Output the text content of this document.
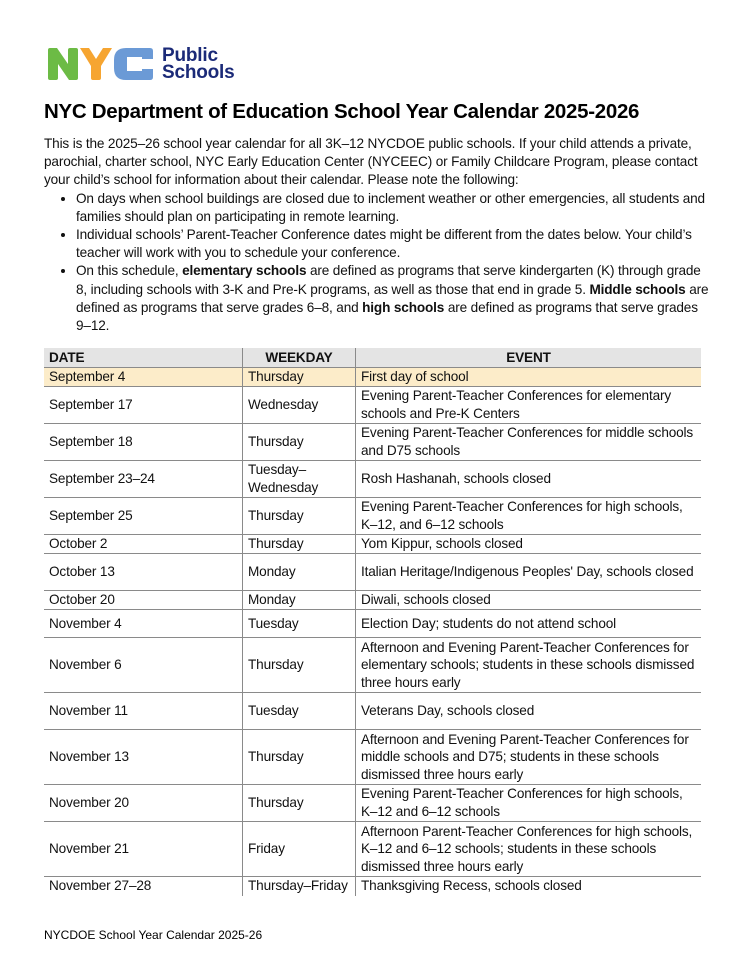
Public
Schools
NYC Department of Education School Year Calendar 2025-2026

This is the 2025–26 school year calendar for all 3K–12 NYCDOE public schools. If your child attends a private, parochial, charter school, NYC Early Education Center (NYCEEC) or Family Childcare Program, please contact your child’s school for information about their calendar. Please note the following:

• On days when school buildings are closed due to inclement weather or other emergencies, all students and families should plan on participating in remote learning.
• Individual schools’ Parent-Teacher Conference dates might be different from the dates below. Your child’s teacher will work with you to schedule your conference.
• On this schedule, elementary schools are defined as programs that serve kindergarten (K) through grade 8, including schools with 3-K and Pre-K programs, as well as those that end in grade 5. Middle schools are defined as programs that serve grades 6–8, and high schools are defined as programs that serve grades 9–12.
DATE	WEEKDAY	EVENT
September 4	Thursday	First day of school
September 17	Wednesday	Evening Parent-Teacher Conferences for elementary schools and Pre-K Centers
September 18	Thursday	Evening Parent-Teacher Conferences for middle schools and D75 schools
September 23–24	Tuesday–Wednesday	Rosh Hashanah, schools closed
September 25	Thursday	Evening Parent-Teacher Conferences for high schools, K–12, and 6–12 schools
October 2	Thursday	Yom Kippur, schools closed
October 13	Monday	Italian Heritage/Indigenous Peoples' Day, schools closed
October 20	Monday	Diwali, schools closed
November 4	Tuesday	Election Day; students do not attend school
November 6	Thursday	Afternoon and Evening Parent-Teacher Conferences for elementary schools; students in these schools dismissed three hours early
November 11	Tuesday	Veterans Day, schools closed
November 13	Thursday	Afternoon and Evening Parent-Teacher Conferences for middle schools and D75; students in these schools dismissed three hours early
November 20	Thursday	Evening Parent-Teacher Conferences for high schools, K–12 and 6–12 schools
November 21	Friday	Afternoon Parent-Teacher Conferences for high schools, K–12 and 6–12 schools; students in these schools dismissed three hours early
November 27–28	Thursday–Friday	Thanksgiving Recess, schools closed
NYCDOE School Year Calendar 2025-26
